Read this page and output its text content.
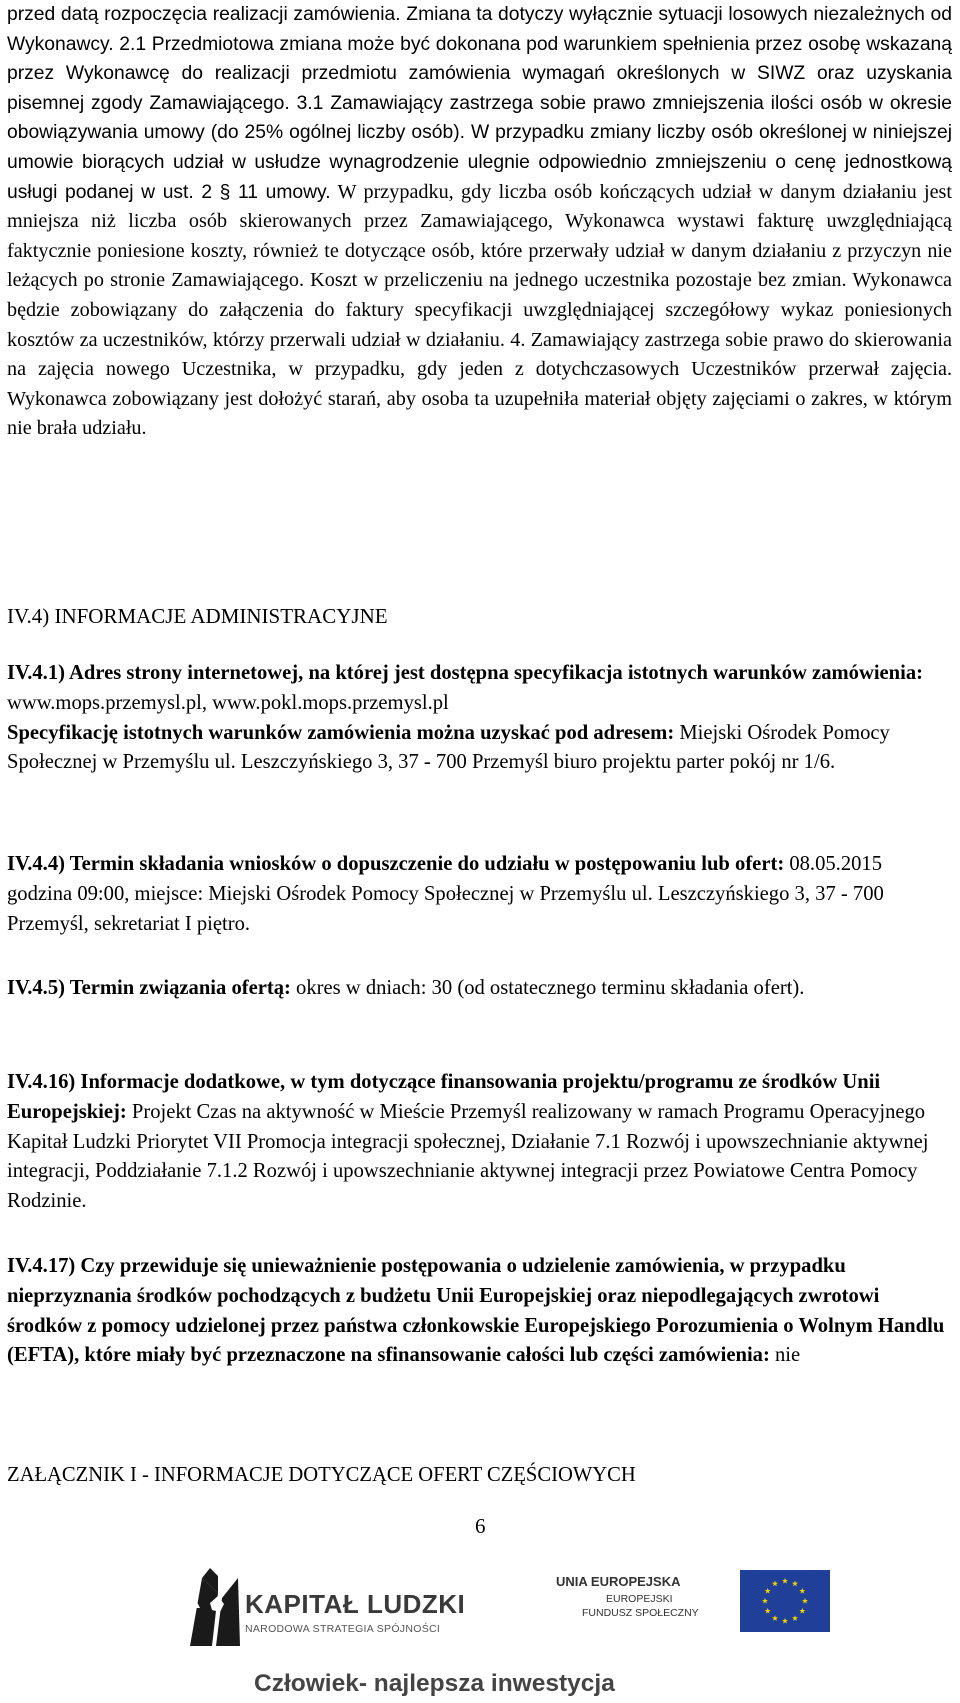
przed datą rozpoczęcia realizacji zamówienia. Zmiana ta dotyczy wyłącznie sytuacji losowych niezależnych od Wykonawcy. 2.1 Przedmiotowa zmiana może być dokonana pod warunkiem spełnienia przez osobę wskazaną przez Wykonawcę do realizacji przedmiotu zamówienia wymagań określonych w SIWZ oraz uzyskania pisemnej zgody Zamawiającego. 3.1 Zamawiający zastrzega sobie prawo zmniejszenia ilości osób w okresie obowiązywania umowy (do 25% ogólnej liczby osób). W przypadku zmiany liczby osób określonej w niniejszej umowie biorących udział w usłudze wynagrodzenie ulegnie odpowiednio zmniejszeniu o cenę jednostkową usługi podanej w ust. 2 § 11 umowy. W przypadku, gdy liczba osób kończących udział w danym działaniu jest mniejsza niż liczba osób skierowanych przez Zamawiającego, Wykonawca wystawi fakturę uwzględniającą faktycznie poniesione koszty, również te dotyczące osób, które przerwały udział w danym działaniu z przyczyn nie leżących po stronie Zamawiającego. Koszt w przeliczeniu na jednego uczestnika pozostaje bez zmian. Wykonawca będzie zobowiązany do załączenia do faktury specyfikacji uwzględniającej szczegółowy wykaz poniesionych kosztów za uczestników, którzy przerwali udział w działaniu. 4. Zamawiający zastrzega sobie prawo do skierowania na zajęcia nowego Uczestnika, w przypadku, gdy jeden z dotychczasowych Uczestników przerwał zajęcia. Wykonawca zobowiązany jest dołożyć starań, aby osoba ta uzupełniła materiał objęty zajęciami o zakres, w którym nie brała udziału.

IV.4) INFORMACJE ADMINISTRACYJNE

IV.4.1) Adres strony internetowej, na której jest dostępna specyfikacja istotnych warunków zamówienia: www.mops.przemysl.pl, www.pokl.mops.przemysl.pl
Specyfikację istotnych warunków zamówienia można uzyskać pod adresem: Miejski Ośrodek Pomocy Społecznej w Przemyślu ul. Leszczyńskiego 3, 37 - 700 Przemyśl biuro projektu parter pokój nr 1/6.

IV.4.4) Termin składania wniosków o dopuszczenie do udziału w postępowaniu lub ofert: 08.05.2015 godzina 09:00, miejsce: Miejski Ośrodek Pomocy Społecznej w Przemyślu ul. Leszczyńskiego 3, 37 - 700 Przemyśl, sekretariat I piętro.

IV.4.5) Termin związania ofertą: okres w dniach: 30 (od ostatecznego terminu składania ofert).

IV.4.16) Informacje dodatkowe, w tym dotyczące finansowania projektu/programu ze środków Unii Europejskiej: Projekt Czas na aktywność w Mieście Przemyśl realizowany w ramach Programu Operacyjnego Kapitał Ludzki Priorytet VII Promocja integracji społecznej, Działanie 7.1 Rozwój i upowszechnianie aktywnej integracji, Poddziałanie 7.1.2 Rozwój i upowszechnianie aktywnej integracji przez Powiatowe Centra Pomocy Rodzinie.

IV.4.17) Czy przewiduje się unieważnienie postępowania o udzielenie zamówienia, w przypadku nieprzyznania środków pochodzących z budżetu Unii Europejskiej oraz niepodlegających zwrotowi środków z pomocy udzielonej przez państwa członkowskie Europejskiego Porozumienia o Wolnym Handlu (EFTA), które miały być przeznaczone na sfinansowanie całości lub części zamówienia: nie

ZAŁĄCZNIK I - INFORMACJE DOTYCZĄCE OFERT CZĘŚCIOWYCH

6

KAPITAŁ LUDZKI
NARODOWA STRATEGIA SPÓJNOŚCI
UNIA EUROPEJSKA
EUROPEJSKI
FUNDUSZ SPOŁECZNY
Człowiek- najlepsza inwestycja
